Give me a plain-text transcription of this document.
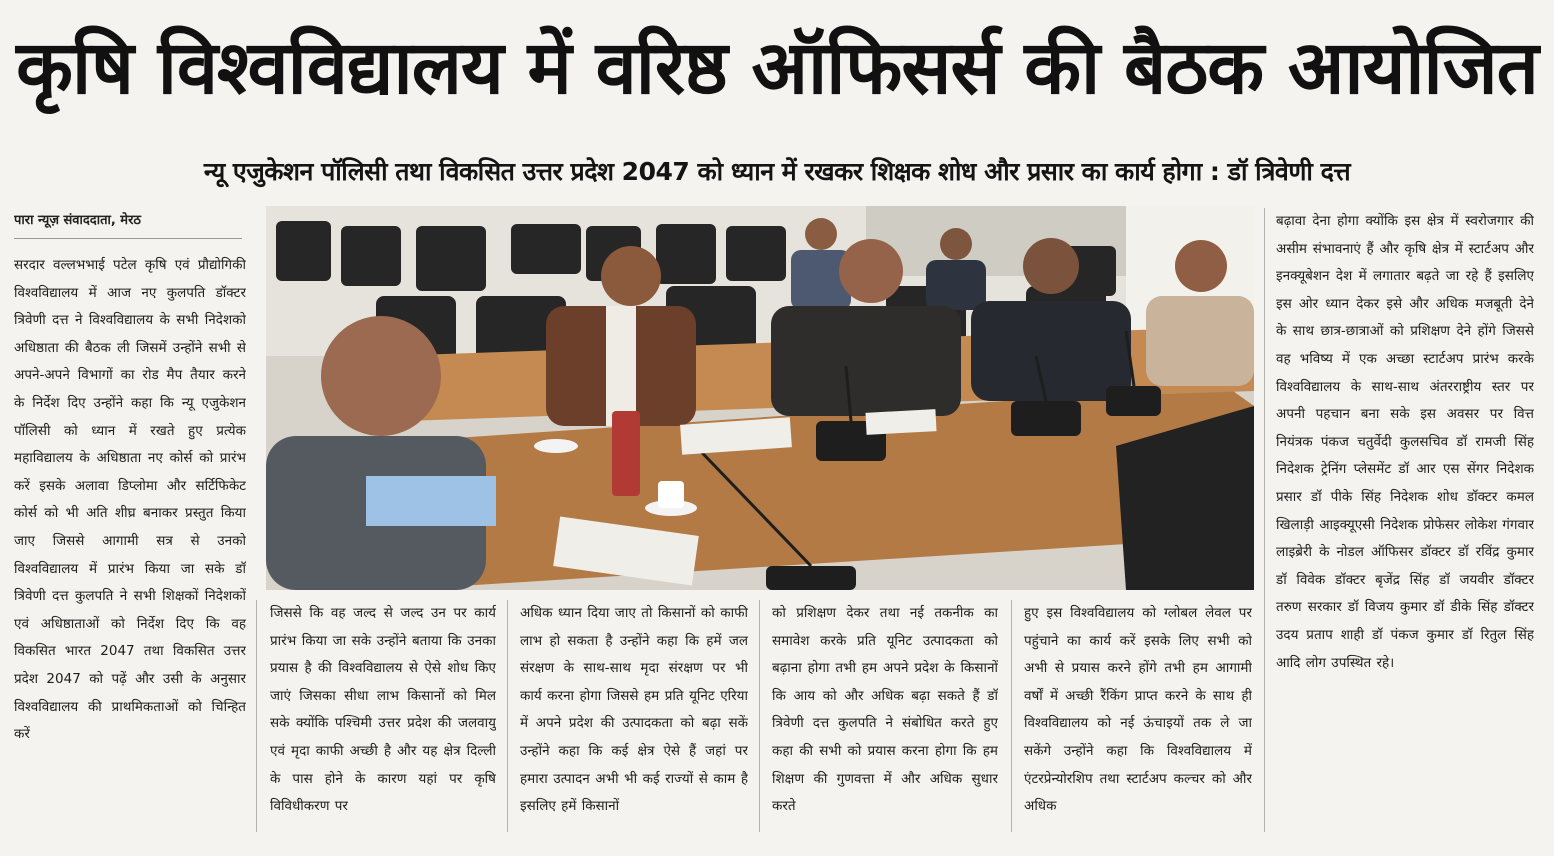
कृषि विश्वविद्यालय में वरिष्ठ ऑफिसर्स की बैठक आयोजित
न्यू एजुकेशन पॉलिसी तथा विकसित उत्तर प्रदेश 2047 को ध्यान में रखकर शिक्षक शोध और प्रसार का कार्य होगा : डॉ त्रिवेणी दत्त
पारा न्यूज़ संवाददाता, मेरठ
सरदार वल्लभभाई पटेल कृषि एवं प्रौद्योगिकी विश्वविद्यालय में आज नए कुलपति डॉक्टर त्रिवेणी दत्त ने विश्वविद्यालय के सभी निदेशको अधिष्ठाता की बैठक ली जिसमें उन्होंने सभी से अपने-अपने विभागों का रोड मैप तैयार करने के निर्देश दिए उन्होंने कहा कि न्यू एजुकेशन पॉलिसी को ध्यान में रखते हुए प्रत्येक महाविद्यालय के अधिष्ठाता नए कोर्स को प्रारंभ करें इसके अलावा डिप्लोमा और सर्टिफिकेट कोर्स को भी अति शीघ्र बनाकर प्रस्तुत किया जाए जिससे आगामी सत्र से उनको विश्वविद्यालय में प्रारंभ किया जा सके डॉ त्रिवेणी दत्त कुलपति ने सभी शिक्षकों निदेशकों एवं अधिष्ठाताओं को निर्देश दिए कि वह विकसित भारत 2047 तथा विकसित उत्तर प्रदेश 2047 को पढ़ें और उसी के अनुसार विश्वविद्यालय की प्राथमिकताओं को चिन्हित करें
जिससे कि वह जल्द से जल्द उन पर कार्य प्रारंभ किया जा सके उन्होंने बताया कि उनका प्रयास है की विश्वविद्यालय से ऐसे शोध किए जाएं जिसका सीधा लाभ किसानों को मिल सके क्योंकि पश्चिमी उत्तर प्रदेश की जलवायु एवं मृदा काफी अच्छी है और यह क्षेत्र दिल्ली के पास होने के कारण यहां पर कृषि विविधीकरण पर
अधिक ध्यान दिया जाए तो किसानों को काफी लाभ हो सकता है उन्होंने कहा कि हमें जल संरक्षण के साथ-साथ मृदा संरक्षण पर भी कार्य करना होगा जिससे हम प्रति यूनिट एरिया में अपने प्रदेश की उत्पादकता को बढ़ा सकें उन्होंने कहा कि कई क्षेत्र ऐसे हैं जहां पर हमारा उत्पादन अभी भी कई राज्यों से काम है इसलिए हमें किसानों
को प्रशिक्षण देकर तथा नई तकनीक का समावेश करके प्रति यूनिट उत्पादकता को बढ़ाना होगा तभी हम अपने प्रदेश के किसानों कि आय को और अधिक बढ़ा सकते हैं डॉ त्रिवेणी दत्त कुलपति ने संबोधित करते हुए कहा की सभी को प्रयास करना होगा कि हम शिक्षण की गुणवत्ता में और अधिक सुधार करते
हुए इस विश्वविद्यालय को ग्लोबल लेवल पर पहुंचाने का कार्य करें इसके लिए सभी को अभी से प्रयास करने होंगे तभी हम आगामी वर्षों में अच्छी रैंकिंग प्राप्त करने के साथ ही विश्वविद्यालय को नई ऊंचाइयों तक ले जा सकेंगे उन्होंने कहा कि विश्वविद्यालय में एंटरप्रेन्योरशिप तथा स्टार्टअप कल्चर को और अधिक
बढ़ावा देना होगा क्योंकि इस क्षेत्र में स्वरोजगार की असीम संभावनाएं हैं और कृषि क्षेत्र में स्टार्टअप और इनक्यूबेशन देश में लगातार बढ़ते जा रहे हैं इसलिए इस ओर ध्यान देकर इसे और अधिक मजबूती देने के साथ छात्र-छात्राओं को प्रशिक्षण देने होंगे जिससे वह भविष्य में एक अच्छा स्टार्टअप प्रारंभ करके विश्वविद्यालय के साथ-साथ अंतरराष्ट्रीय स्तर पर अपनी पहचान बना सके इस अवसर पर वित्त नियंत्रक पंकज चतुर्वेदी कुलसचिव डॉ रामजी सिंह निदेशक ट्रेनिंग प्लेसमेंट डॉ आर एस सेंगर निदेशक प्रसार डॉ पीके सिंह निदेशक शोध डॉक्टर कमल खिलाड़ी आइक्यूएसी निदेशक प्रोफेसर लोकेश गंगवार लाइब्रेरी के नोडल ऑफिसर डॉक्टर डॉ रविंद्र कुमार डॉ विवेक डॉक्टर बृजेंद्र सिंह डॉ जयवीर डॉक्टर तरुण सरकार डॉ विजय कुमार डॉ डीके सिंह डॉक्टर उदय प्रताप शाही डॉ पंकज कुमार डॉ रितुल सिंह आदि लोग उपस्थित रहे।
